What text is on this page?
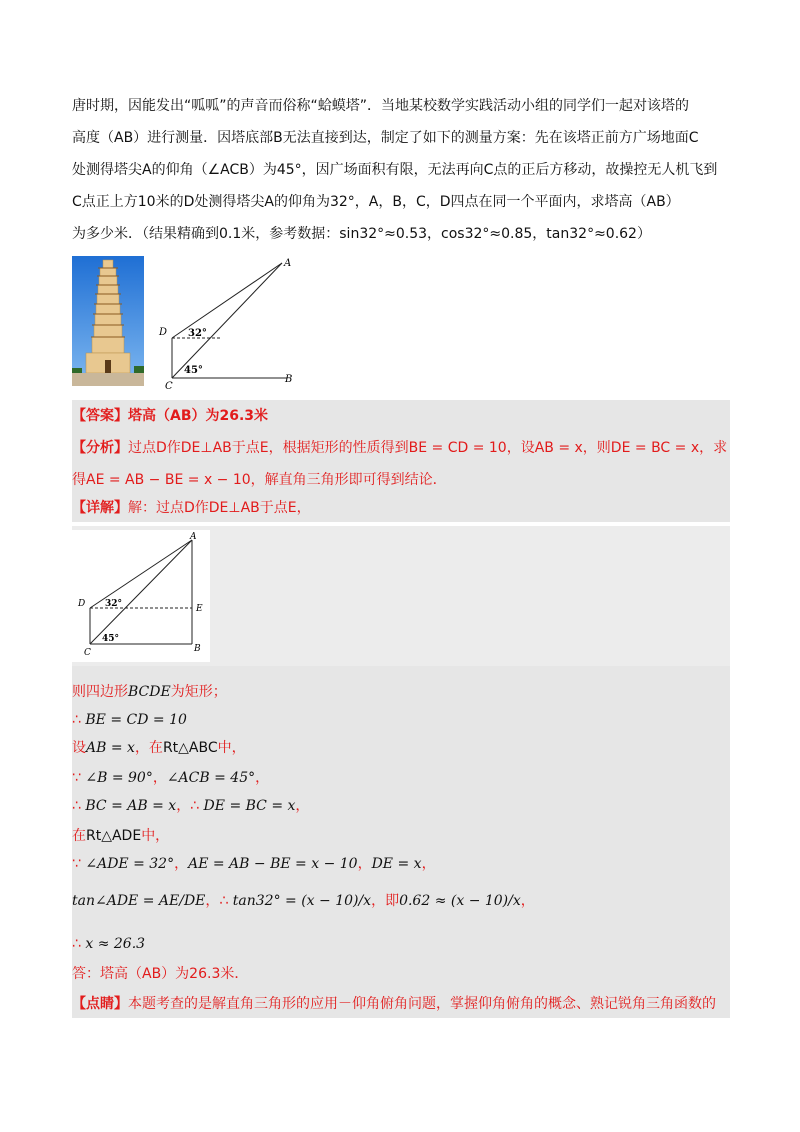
唐时期，因能发出“呱呱”的声音而俗称“蛤蟆塔”．当地某校数学实践活动小组的同学们一起对该塔的
高度（AB）进行测量．因塔底部B无法直接到达，制定了如下的测量方案：先在该塔正前方广场地面C
处测得塔尖A的仰角（∠ACB）为45°，因广场面积有限，无法再向C点的正后方移动，故操控无人机飞到
C点正上方10米的D处测得塔尖A的仰角为32°，A，B，C，D四点在同一个平面内，求塔高（AB）
为多少米．（结果精确到0.1米，参考数据：sin32°≈0.53，cos32°≈0.85，tan32°≈0.62）
A
D
C
B
32°
45°
【答案】塔高（AB）为26.3米
【分析】过点D作DE⊥AB于点E，根据矩形的性质得到BE = CD = 10，设AB = x，则DE = BC = x，求
得AE = AB − BE = x − 10，解直角三角形即可得到结论．
【详解】解：过点D作DE⊥AB于点E，
A
D	E
C	B
32°
45°
则四边形BCDE为矩形；
∴ BE = CD = 10
设AB = x，在Rt△ABC中，
∵ ∠B = 90°，∠ACB = 45°，
∴ BC = AB = x，∴ DE = BC = x，
在Rt△ADE中，
∵ ∠ADE = 32°，AE = AB − BE = x − 10，DE = x，
tan∠ADE = AE/DE，∴ tan32° = (x − 10)/x，即0.62 ≈ (x − 10)/x，
∴ x ≈ 26.3
答：塔高（AB）为26.3米．
【点睛】本题考查的是解直角三角形的应用－仰角俯角问题，掌握仰角俯角的概念、熟记锐角三角函数的
